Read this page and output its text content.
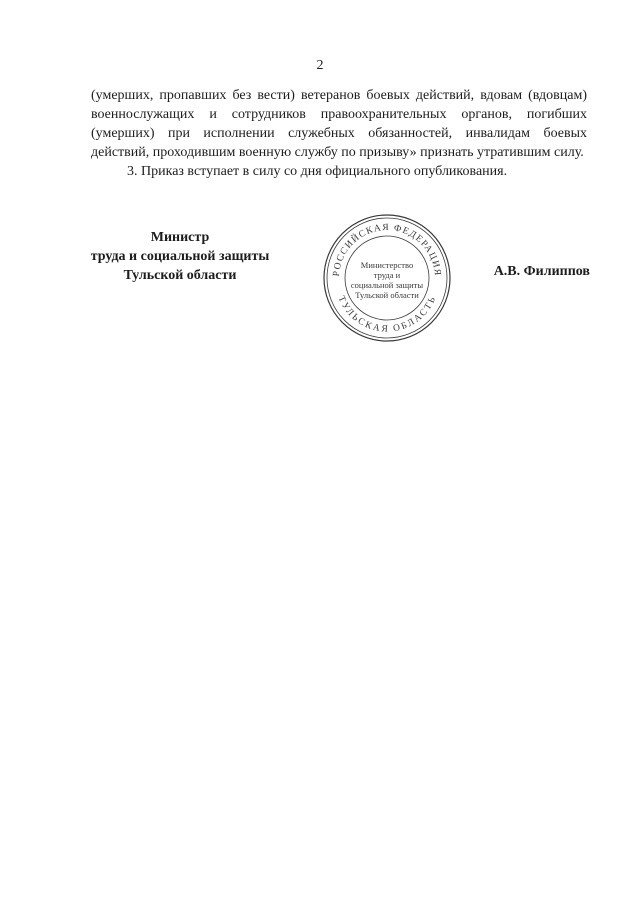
2

(умерших, пропавших без вести) ветеранов боевых действий, вдовам (вдовцам) военнослужащих и сотрудников правоохранительных органов, погибших (умерших) при исполнении служебных обязанностей, инвалидам боевых действий, проходившим военную службу по призыву» признать утратившим силу.

3. Приказ вступает в силу со дня официального опубликования.

Министр
труда и социальной защиты
Тульской области	РОССИЙСКАЯ ФЕДЕРАЦИЯ
ТУЛЬСКАЯ ОБЛАСТЬ
Министерство
труда и
социальной защиты
Тульской области
А.В. Филиппов
